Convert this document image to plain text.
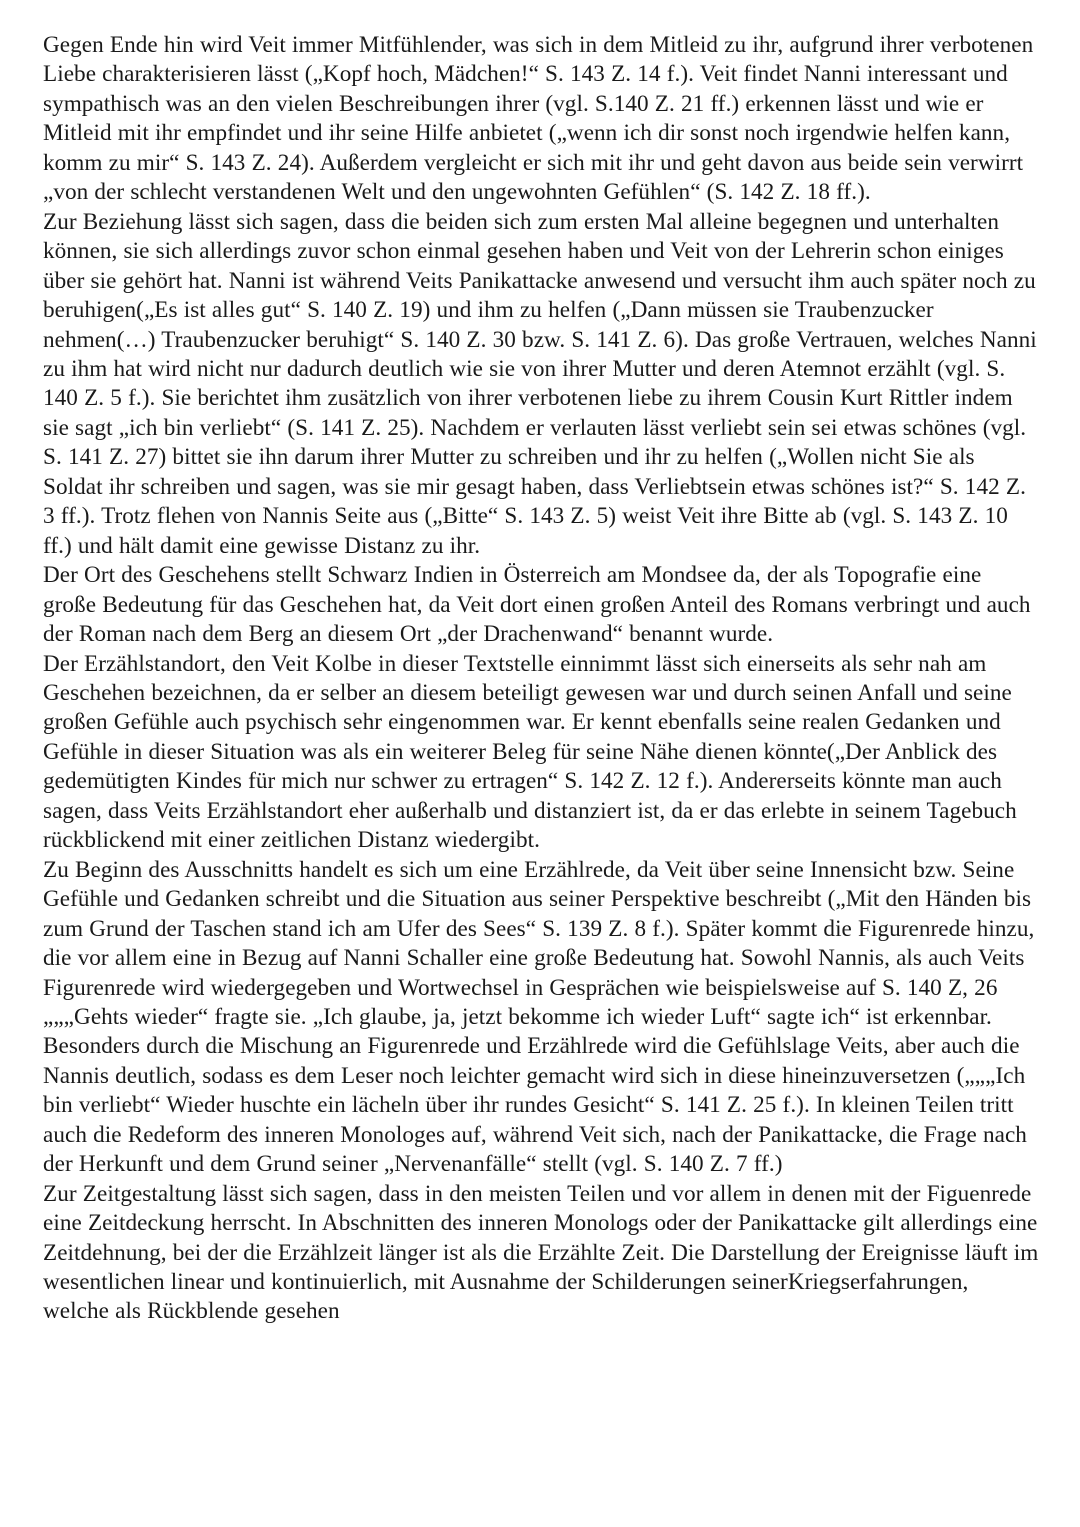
Gegen Ende hin wird Veit immer Mitfühlender, was sich in dem Mitleid zu ihr, aufgrund ihrer verbotenen Liebe charakterisieren lässt („Kopf hoch, Mädchen!“ S. 143 Z. 14 f.). Veit findet Nanni interessant und sympathisch was an den vielen Beschreibungen ihrer (vgl. S.140 Z. 21 ff.) erkennen lässt und wie er Mitleid mit ihr empfindet und ihr seine Hilfe anbietet („wenn ich dir sonst noch irgendwie helfen kann, komm zu mir“ S. 143 Z. 24). Außerdem vergleicht er sich mit ihr und geht davon aus beide sein verwirrt „von der schlecht verstandenen Welt und den ungewohnten Gefühlen“ (S. 142 Z. 18 ff.).

Zur Beziehung lässt sich sagen, dass die beiden sich zum ersten Mal alleine begegnen und unterhalten können, sie sich allerdings zuvor schon einmal gesehen haben und Veit von der Lehrerin schon einiges über sie gehört hat. Nanni ist während Veits Panikattacke anwesend und versucht ihm auch später noch zu beruhigen(„Es ist alles gut“ S. 140 Z. 19) und ihm zu helfen („Dann müssen sie Traubenzucker nehmen(…) Traubenzucker beruhigt“ S. 140 Z. 30 bzw. S. 141 Z. 6). Das große Vertrauen, welches Nanni zu ihm hat wird nicht nur dadurch deutlich wie sie von ihrer Mutter und deren Atemnot erzählt (vgl. S. 140 Z. 5 f.). Sie berichtet ihm zusätzlich von ihrer verbotenen liebe zu ihrem Cousin Kurt Rittler indem sie sagt „ich bin verliebt“ (S. 141 Z. 25). Nachdem er verlauten lässt verliebt sein sei etwas schönes (vgl. S. 141 Z. 27) bittet sie ihn darum ihrer Mutter zu schreiben und ihr zu helfen („Wollen nicht Sie als Soldat ihr schreiben und sagen, was sie mir gesagt haben, dass Verliebtsein etwas schönes ist?“ S. 142 Z. 3 ff.). Trotz flehen von Nannis Seite aus („Bitte“ S. 143 Z. 5) weist Veit ihre Bitte ab (vgl. S. 143 Z. 10 ff.) und hält damit eine gewisse Distanz zu ihr.

Der Ort des Geschehens stellt Schwarz Indien in Österreich am Mondsee da, der als Topografie eine große Bedeutung für das Geschehen hat, da Veit dort einen großen Anteil des Romans verbringt und auch der Roman nach dem Berg an diesem Ort „der Drachenwand“ benannt wurde.

Der Erzählstandort, den Veit Kolbe in dieser Textstelle einnimmt lässt sich einerseits als sehr nah am Geschehen bezeichnen, da er selber an diesem beteiligt gewesen war und durch seinen Anfall und seine großen Gefühle auch psychisch sehr eingenommen war. Er kennt ebenfalls seine realen Gedanken und Gefühle in dieser Situation was als ein weiterer Beleg für seine Nähe dienen könnte(„Der Anblick des gedemütigten Kindes für mich nur schwer zu ertragen“ S. 142 Z. 12 f.). Andererseits könnte man auch sagen, dass Veits Erzählstandort eher außerhalb und distanziert ist, da er das erlebte in seinem Tagebuch rückblickend mit einer zeitlichen Distanz wiedergibt.

Zu Beginn des Ausschnitts handelt es sich um eine Erzählrede, da Veit über seine Innensicht bzw. Seine Gefühle und Gedanken schreibt und die Situation aus seiner Perspektive beschreibt („Mit den Händen bis zum Grund der Taschen stand ich am Ufer des Sees“ S. 139 Z. 8 f.). Später kommt die Figurenrede hinzu, die vor allem eine in Bezug auf Nanni Schaller eine große Bedeutung hat. Sowohl Nannis, als auch Veits Figurenrede wird wiedergegeben und Wortwechsel in Gesprächen wie beispielsweise auf S. 140 Z, 26 „„„Gehts wieder“ fragte sie. „Ich glaube, ja, jetzt bekomme ich wieder Luft“ sagte ich“ ist erkennbar. Besonders durch die Mischung an Figurenrede und Erzählrede wird die Gefühlslage Veits, aber auch die Nannis deutlich, sodass es dem Leser noch leichter gemacht wird sich in diese hineinzuversetzen („„„Ich bin verliebt“ Wieder huschte ein lächeln über ihr rundes Gesicht“ S. 141 Z. 25 f.). In kleinen Teilen tritt auch die Redeform des inneren Monologes auf, während Veit sich, nach der Panikattacke, die Frage nach der Herkunft und dem Grund seiner „Nervenanfälle“ stellt (vgl. S. 140 Z. 7 ff.)

Zur Zeitgestaltung lässt sich sagen, dass in den meisten Teilen und vor allem in denen mit der Figuenrede eine Zeitdeckung herrscht. In Abschnitten des inneren Monologs oder der Panikattacke gilt allerdings eine Zeitdehnung, bei der die Erzählzeit länger ist als die Erzählte Zeit. Die Darstellung der Ereignisse läuft im wesentlichen linear und kontinuierlich, mit Ausnahme der Schilderungen seinerKriegserfahrungen, welche als Rückblende gesehen
